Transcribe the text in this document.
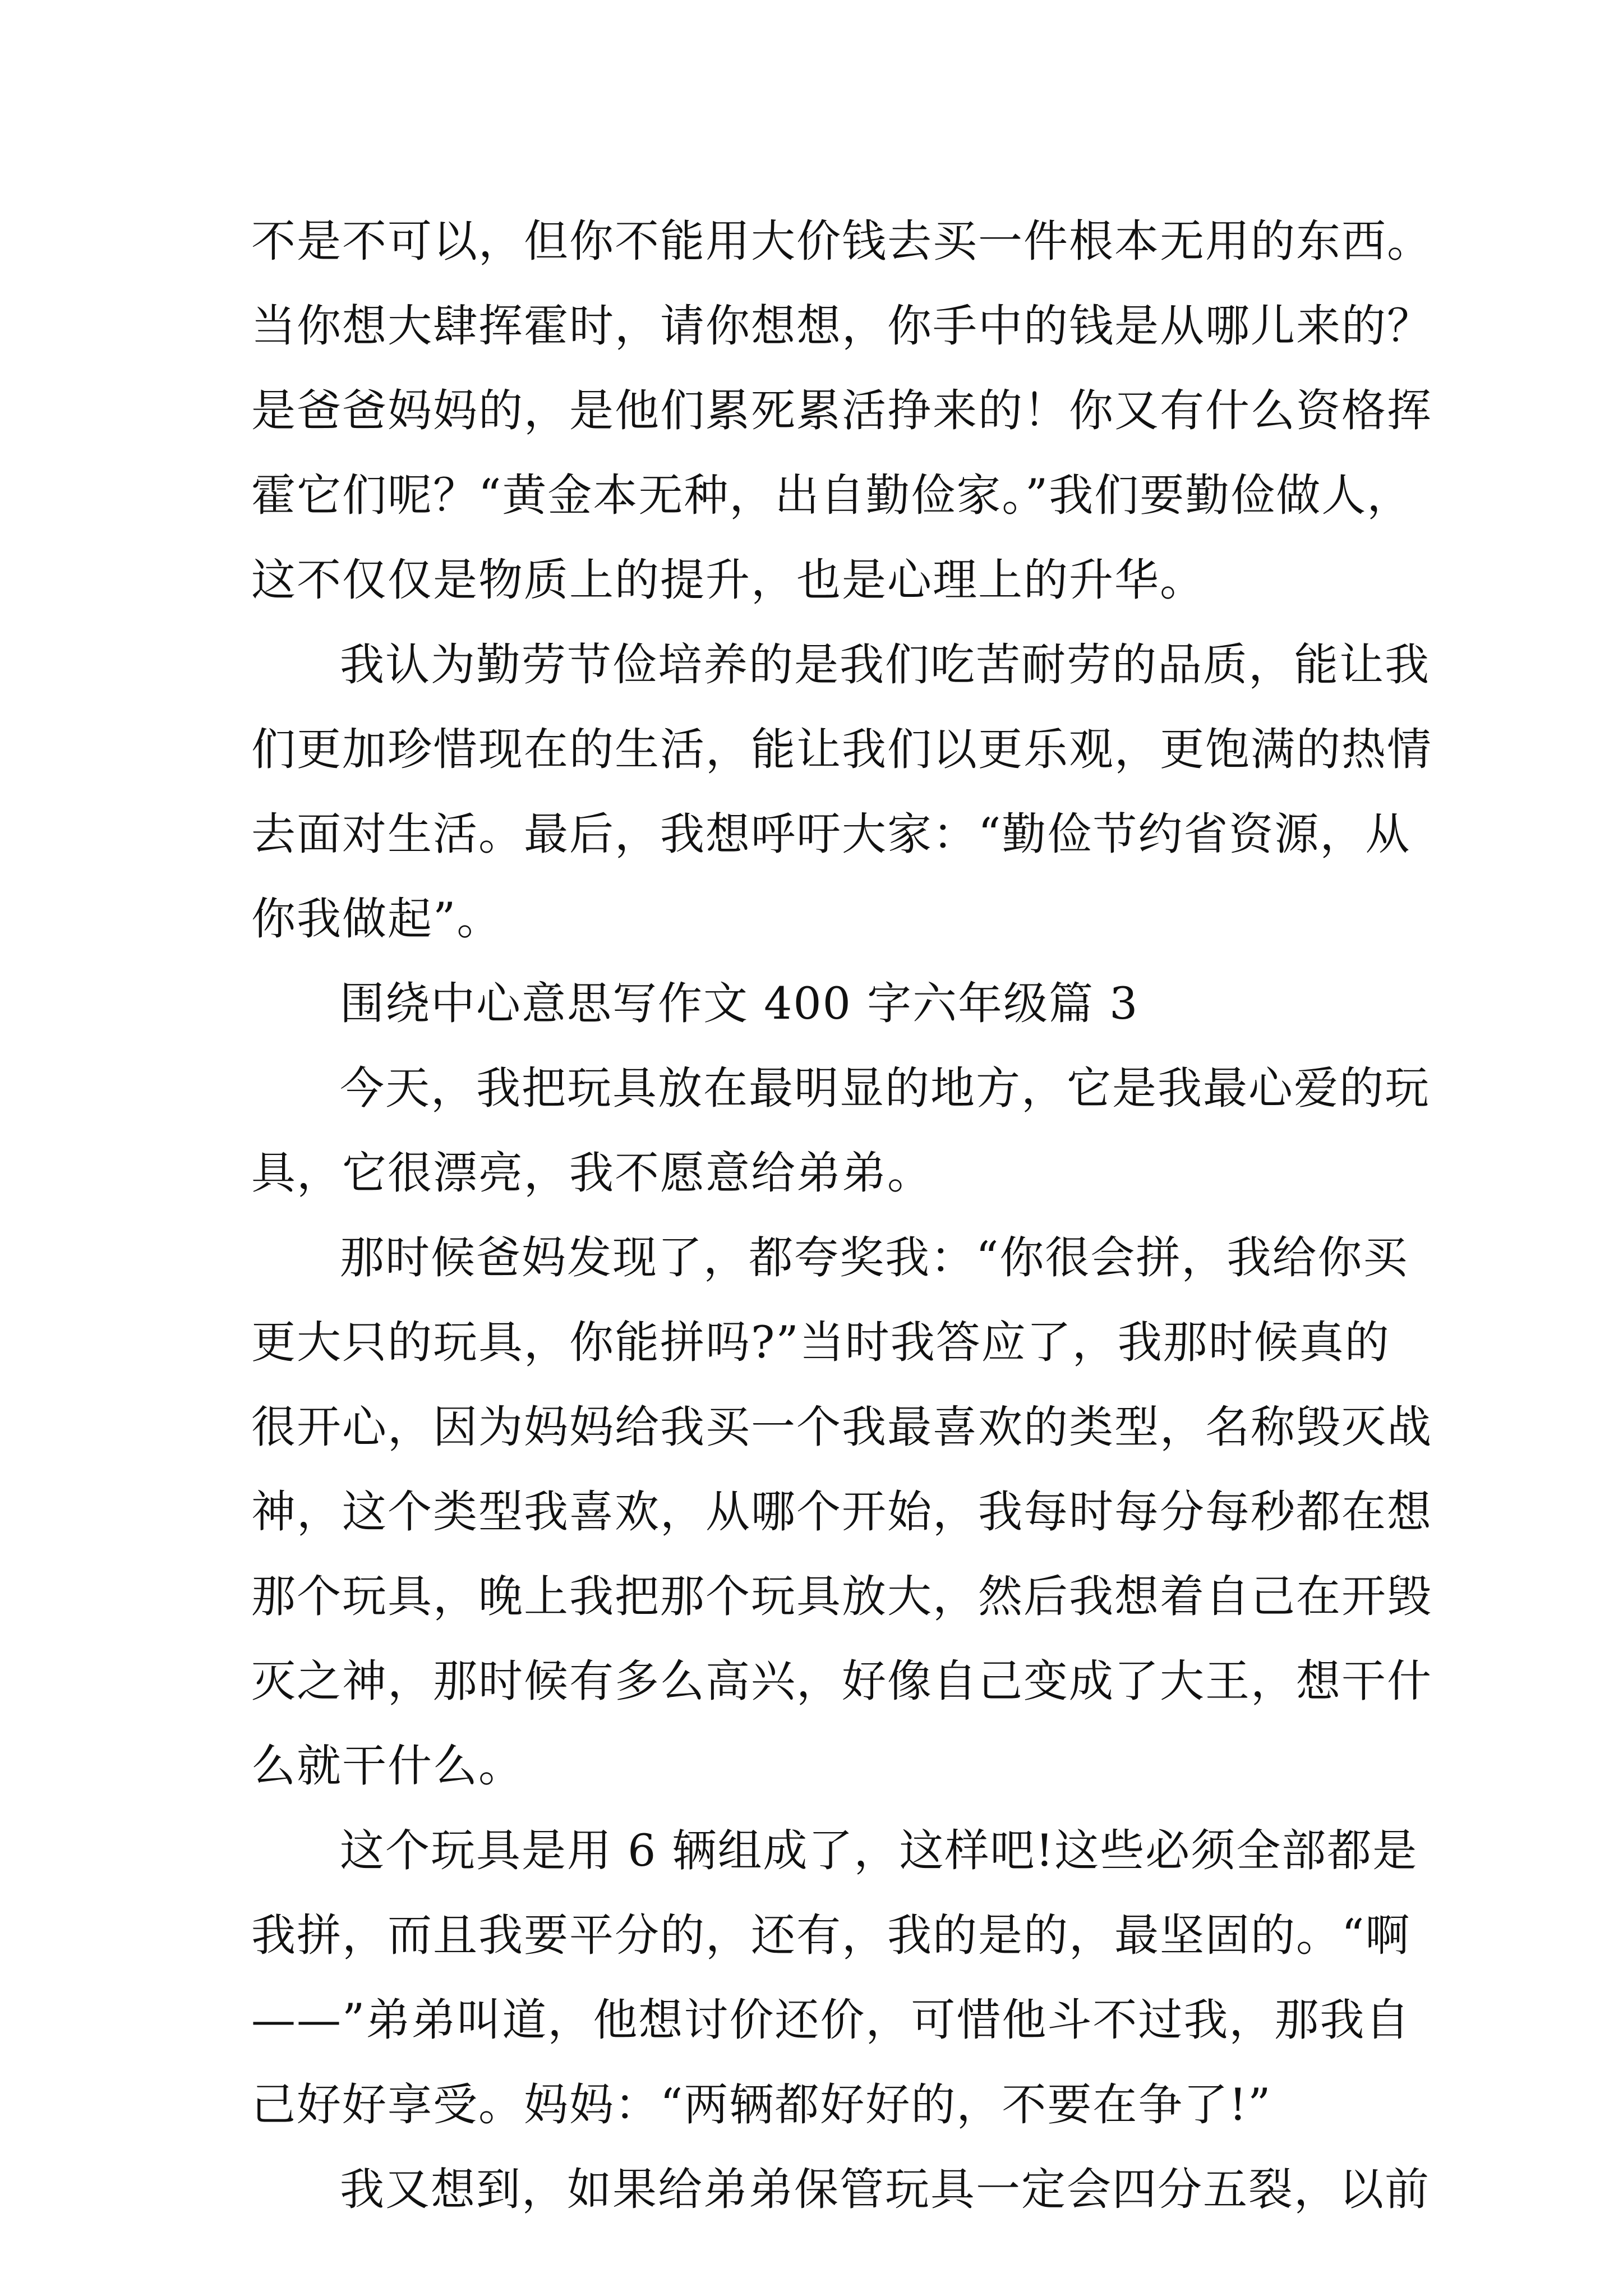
不是不可以，但你不能用大价钱去买一件根本无用的东西。
当你想大肆挥霍时，请你想想，你手中的钱是从哪儿来的？
是爸爸妈妈的，是他们累死累活挣来的！你又有什么资格挥
霍它们呢？“黄金本无种，出自勤俭家。”我们要勤俭做人，
这不仅仅是物质上的提升，也是心理上的升华。
我认为勤劳节俭培养的是我们吃苦耐劳的品质，能让我
们更加珍惜现在的生活，能让我们以更乐观，更饱满的热情
去面对生活。最后，我想呼吁大家：“勤俭节约省资源，从
你我做起”。
围绕中心意思写作文 400 字六年级篇 3
今天，我把玩具放在最明显的地方，它是我最心爱的玩
具，它很漂亮，我不愿意给弟弟。
那时候爸妈发现了，都夸奖我：“你很会拼，我给你买
更大只的玩具，你能拼吗?”当时我答应了，我那时候真的
很开心，因为妈妈给我买一个我最喜欢的类型，名称毁灭战
神，这个类型我喜欢，从哪个开始，我每时每分每秒都在想
那个玩具，晚上我把那个玩具放大，然后我想着自己在开毁
灭之神，那时候有多么高兴，好像自己变成了大王，想干什
么就干什么。
这个玩具是用 6 辆组成了，这样吧!这些必须全部都是
我拼，而且我要平分的，还有，我的是的，最坚固的。“啊
——”弟弟叫道，他想讨价还价，可惜他斗不过我，那我自
己好好享受。妈妈：“两辆都好好的，不要在争了!”
我又想到，如果给弟弟保管玩具一定会四分五裂，以前
